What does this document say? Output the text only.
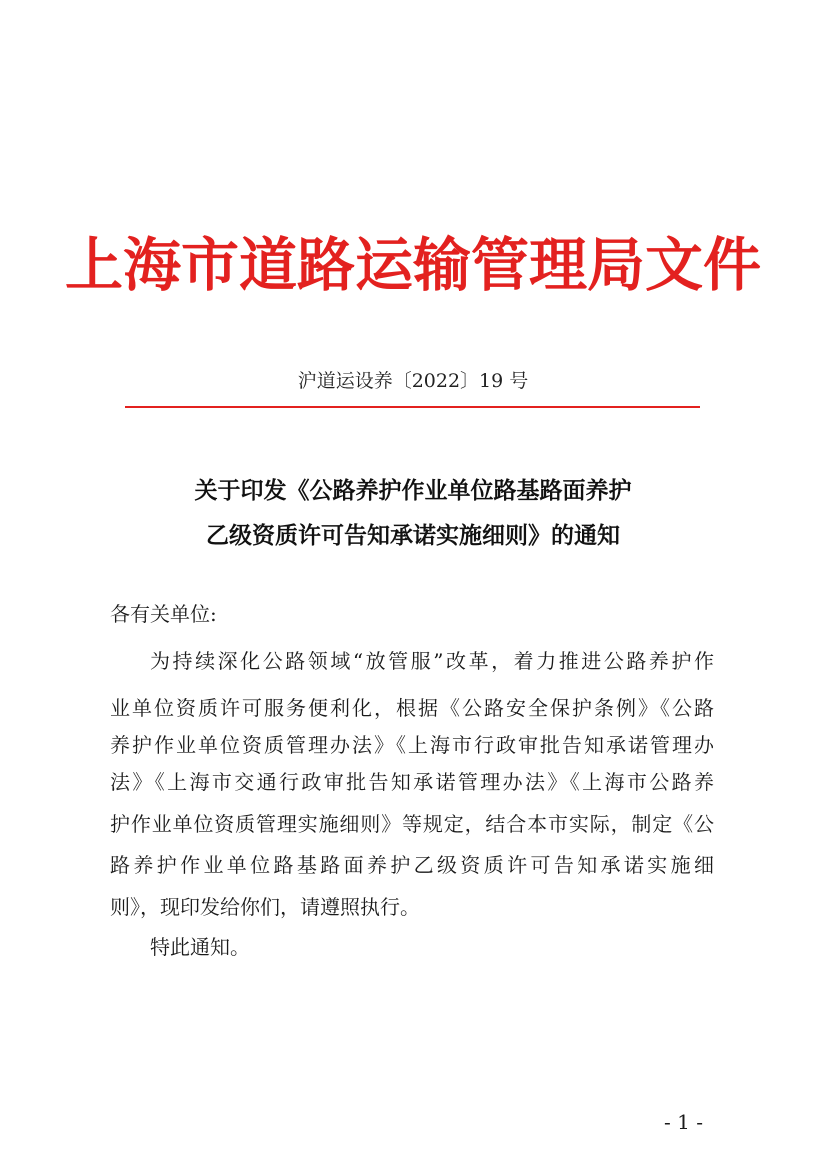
上海市道路运输管理局文件
沪道运设养〔2022〕19 号
关于印发《公路养护作业单位路基路面养护
乙级资质许可告知承诺实施细则》的通知
各有关单位:
为持续深化公路领域“放管服”改革，着力推进公路养护作
业单位资质许可服务便利化，根据《公路安全保护条例》《公路
养护作业单位资质管理办法》《上海市行政审批告知承诺管理办
法》《上海市交通行政审批告知承诺管理办法》《上海市公路养
护作业单位资质管理实施细则》等规定，结合本市实际，制定《公
路养护作业单位路基路面养护乙级资质许可告知承诺实施细
则》，现印发给你们，请遵照执行。
特此通知。
- 1 -
